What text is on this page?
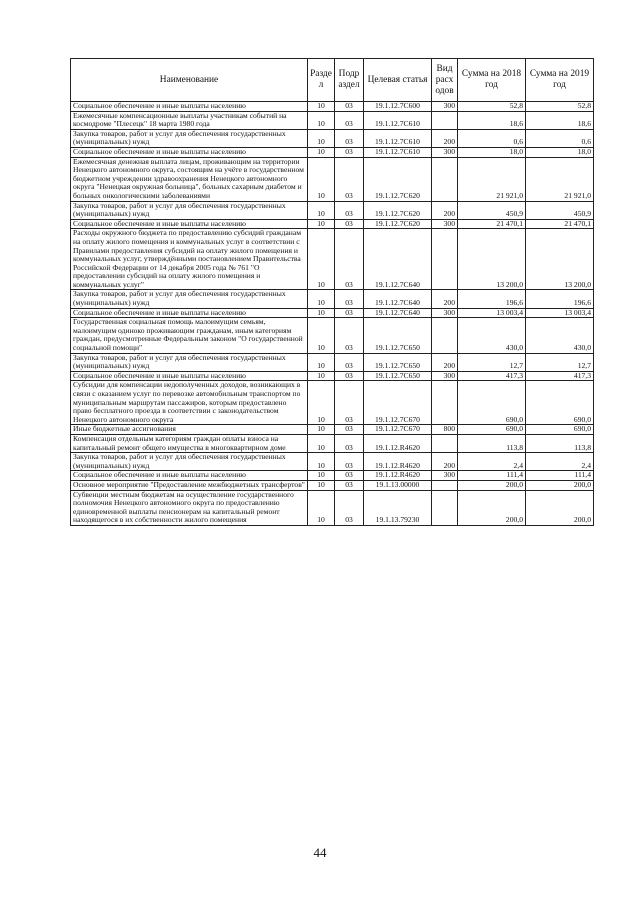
Наименование	Разде л	Подр аздел	Целевая статья	Вид расх одов	Сумма на 2018 год	Сумма на 2019 год
Социальное обеспечение и иные выплаты населению	10	03	19.1.12.7С600	300	52,8	52,8
Ежемесячные компенсационные выплаты участникам событий на космодроме "Плесецк" 18 марта 1980 года	10	03	19.1.12.7С610		18,6	18,6
Закупка товаров, работ и услуг для обеспечения государственных (муниципальных) нужд	10	03	19.1.12.7С610	200	0,6	0,6
Социальное обеспечение и иные выплаты населению	10	03	19.1.12.7С610	300	18,0	18,0
Ежемесячная денежная выплата лицам, проживающим на территории Ненецкого автономного округа, состоящим на учёте в государственном бюджетном учреждении здравоохранения Ненецкого автономного округа "Ненецкая окружная больница", больных сахарным диабетом и больных онкологическими заболеваниями	10	03	19.1.12.7С620		21 921,0	21 921,0
Закупка товаров, работ и услуг для обеспечения государственных (муниципальных) нужд	10	03	19.1.12.7С620	200	450,9	450,9
Социальное обеспечение и иные выплаты населению	10	03	19.1.12.7С620	300	21 470,1	21 470,1
Расходы окружного бюджета по предоставлению субсидий гражданам на оплату жилого помещения и коммунальных услуг в соответствии с Правилами предоставления субсидий на оплату жилого помещения и коммунальных услуг, утверждёнными постановлением Правительства Российской Федерации от 14 декабря 2005 года № 761 "О предоставлении субсидий на оплату жилого помещения и коммунальных услуг"	10	03	19.1.12.7С640		13 200,0	13 200,0
Закупка товаров, работ и услуг для обеспечения государственных (муниципальных) нужд	10	03	19.1.12.7С640	200	196,6	196,6
Социальное обеспечение и иные выплаты населению	10	03	19.1.12.7С640	300	13 003,4	13 003,4
Государственная социальная помощь малоимущим семьям, малоимущим одиноко проживающим гражданам, иным категориям граждан, предусмотренные Федеральным законом "О государственной социальной помощи"	10	03	19.1.12.7С650		430,0	430,0
Закупка товаров, работ и услуг для обеспечения государственных (муниципальных) нужд	10	03	19.1.12.7С650	200	12,7	12,7
Социальное обеспечение и иные выплаты населению	10	03	19.1.12.7С650	300	417,3	417,3
Субсидии для компенсации недополученных доходов, возникающих в связи с оказанием услуг по перевозке автомобильным транспортом по муниципальным маршрутам пассажиров, которым предоставлено право бесплатного проезда в соответствии с законодательством Ненецкого автономного округа	10	03	19.1.12.7С670		690,0	690,0
Иные бюджетные ассигнования	10	03	19.1.12.7С670	800	690,0	690,0
Компенсация отдельным категориям граждан оплаты взноса на капитальный ремонт общего имущества в многоквартирном доме	10	03	19.1.12.R4620		113,8	113,8
Закупка товаров, работ и услуг для обеспечения государственных (муниципальных) нужд	10	03	19.1.12.R4620	200	2,4	2,4
Социальное обеспечение и иные выплаты населению	10	03	19.1.12.R4620	300	111,4	111,4
Основное мероприятие "Предоставление межбюджетных трансфертов"	10	03	19.1.13.00000		200,0	200,0
Субвенции местным бюджетам на осуществление государственного полномочия Ненецкого автономного округа по предоставлению единовременной выплаты пенсионерам на капитальный ремонт находящегося в их собственности жилого помещения	10	03	19.1.13.79230		200,0	200,0
44
